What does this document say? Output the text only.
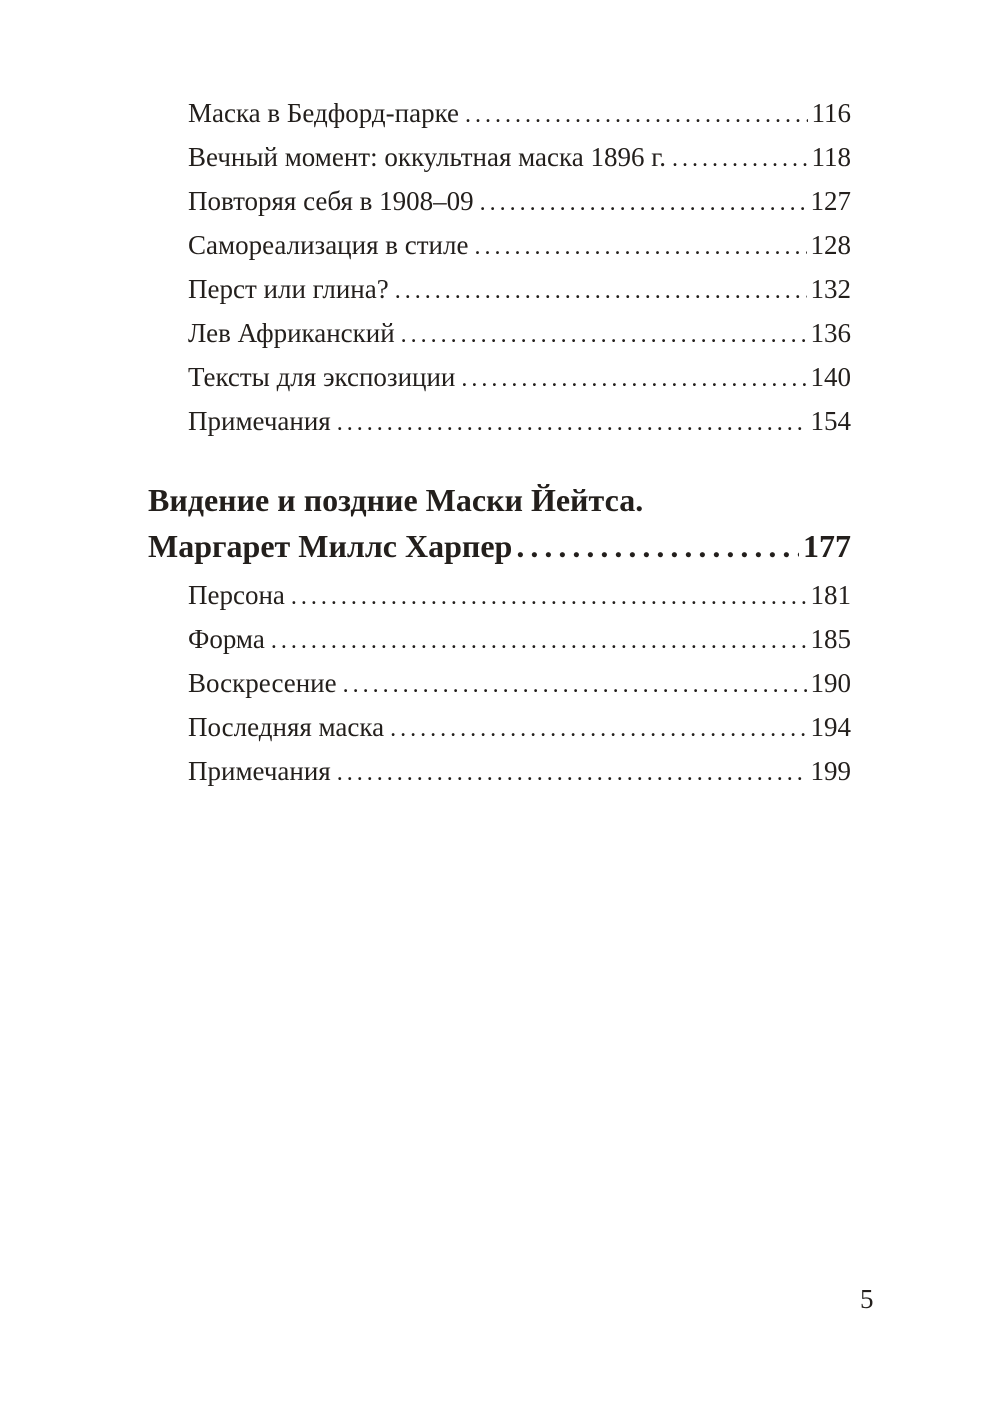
Маска в Бедфорд-парке . . .	116
Вечный момент: оккультная маска 1896 г. . . .	118
Повторяя себя в 1908–09 . . .	127
Самореализация в стиле . . .	128
Перст или глина? . . .	132
Лев Африканский . . .	136
Тексты для экспозиции . . .	140
Примечания . . .	154
Видение и поздние Маски Йейтса.
Маргарет Миллс Харпер . . .	177
Персона . . .	181
Форма . . .	185
Воскресение . . .	190
Последняя маска . . .	194
Примечания . . .	199
5
